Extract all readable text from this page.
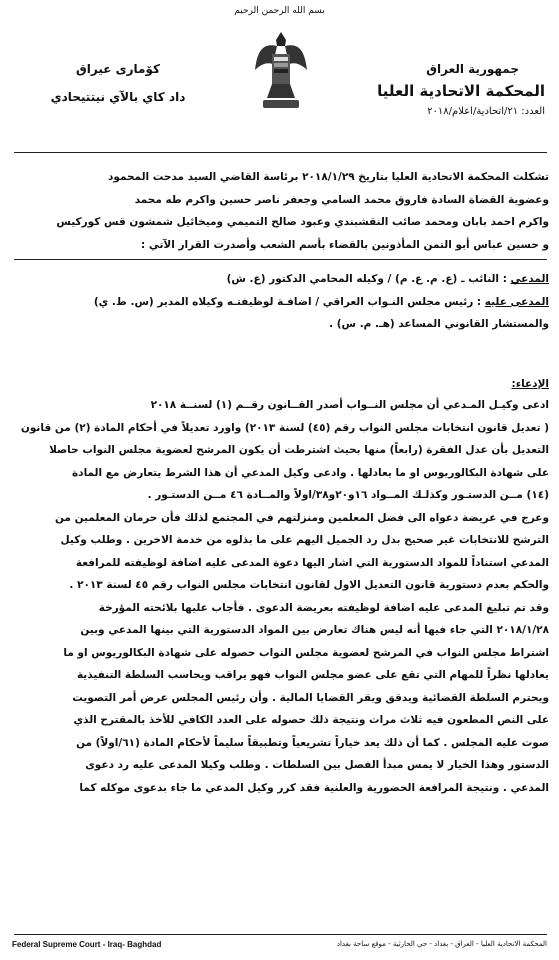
بسم الله الرحمن الرحيم
جمهورية العراق
المحكمة الاتحادية العليا
العدد: ٢١/اتحادية/اعلام/٢٠١٨
كۆماری عیراق
داد كاي بالآي نيتتيحادي

تشكلت المحكمة الاتحادية العليا بتاريخ ٢٠١٨/١/٢٩ برئاسة القاضي السيد مدحت المحمود

وعضوية القضاة السادة فاروق محمد السامي وجعفر ناصر حسين واكرم طه محمد

واكرم احمد بابان ومحمد صائب النقشبندي وعبود صالح التميمي وميخائيل شمشون قس كوركيس

و حسين عباس أبو التمن المأذونين بالقضاء بأسم الشعب وأصدرت القرار الآتي :

المدعي : النائب ـ (ع. م. ع. م) / وكيله المحامي الدكتور (ع. ش)

المدعى عليه : رئيس مجلس النـواب العراقي / اضافـة لوظيفتـه وكيلاه المدير (س. ط. ي)

والمستشار القانوني المساعد (هـ. م. س) .

الإدعاء:

ادعى وكيـل المـدعي أن مجلس النــواب أصدر القــانون رقــم (١) لسنــة ٢٠١٨

( تعديل قانون انتخابات مجلس النواب رقم (٤٥) لسنة ٢٠١٣) واورد تعديلاً في أحكام المادة (٢) من قانون

التعديل بأن عدل الفقرة (رابعاً) منها بحيث اشترطت أن يكون المرشح لعضوية مجلس النواب حاصلا

على شهادة البكالوريوس او ما يعادلها . وادعى وكيل المدعي أن هذا الشرط يتعارض مع المادة

(١٤) مــن الدستـور وكذلـك المــواد ١٦و٢٠و٣٨/اولاً والمــادة ٤٦ مــن الدستـور .

وعرج في عريضة دعواه الى فضل المعلمين ومنزلتهم في المجتمع لذلك فأن حرمان المعلمين من

الترشح للانتخابات غير صحيح بدل رد الجميل اليهم على ما بذلوه من خدمة الاخرين . وطلب وكيل

المدعي استناداً للمواد الدستورية التي اشار اليها دعوة المدعى عليه اضافة لوظيفته للمرافعة

والحكم بعدم دستورية قانون التعديل الاول لقانون انتخابات مجلس النواب رقم ٤٥ لسنة ٢٠١٣ .

وقد تم تبليغ المدعى عليه اضافة لوظيفته بعريضة الدعوى . فأجاب عليها بلائحته المؤرخة

٢٠١٨/١/٢٨ التي جاء فيها أنه ليس هناك تعارض بين المواد الدستورية التي بينها المدعي وبين

اشتراط مجلس النواب في المرشح لعضوية مجلس النواب حصوله على شهادة البكالوريوس او ما

يعادلها نظراً للمهام التي تقع على عضو مجلس النواب فهو يراقب ويحاسب السلطة التنفيذية

ويحترم السلطة القضائية ويدقق ويقر القضايا المالية . وأن رئيس المجلس عرض أمر التصويت

على النص المطعون فيه ثلاث مرات ونتيجة ذلك حصوله على العدد الكافي للأخذ بالمقترح الذي

صوت عليه المجلس . كما أن ذلك يعد خياراً تشريعياً وتطبيقاً سليماً لأحكام المادة (٦١/اولاً) من

الدستور وهذا الخيار لا يمس مبدأ الفصل بين السلطات . وطلب وكيلا المدعى عليه رد دعوى

المدعي . ونتيجة المرافعة الحضورية والعلنية فقد كرر وكيل المدعي ما جاء بدعوى موكله كما

Federal Supreme Court - Iraq- Baghdad	المحكمة الاتحادية العليا - العراق - بغداد - حي الحارثية - موقع ساحة بغداد
